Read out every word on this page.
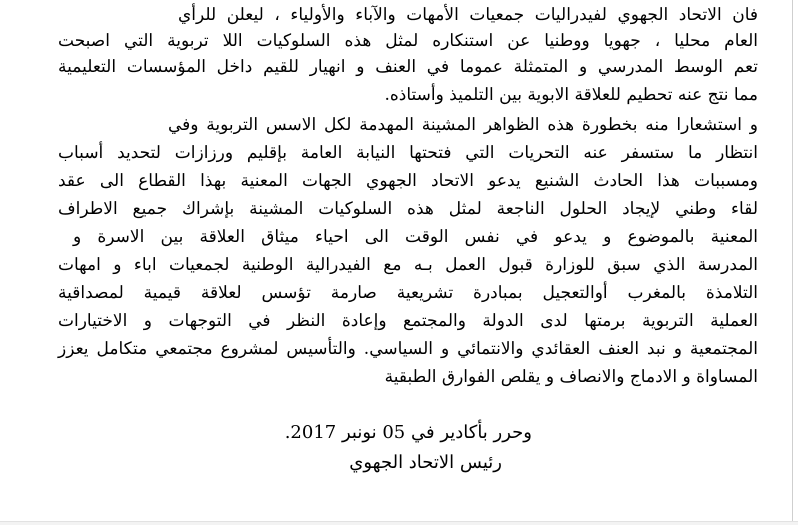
فان الاتحاد الجهوي لفيدراليات جمعيات الأمهات والآباء والأولياء ، ليعلن للرأي
العام محليا ، جهويا ووطنيا عن استنكاره لمثل هذه السلوكيات اللا تربوية التي اصبحت
تعم الوسط المدرسي و المتمثلة عموما في العنف و انهيار للقيم داخل المؤسسات التعليمية
مما نتج عنه تحطيم للعلاقة الابوية بين التلميذ وأستاذه.
و استشعارا منه بخطورة هذه الظواهر المشينة المهدمة لكل الاسس التربوية وفي
انتظار ما ستسفر عنه التحريات التي فتحتها النيابة العامة بإقليم ورزازات لتحديد أسباب
ومسببات هذا الحادث الشنيع يدعو الاتحاد الجهوي الجهات المعنية بهذا القطاع الى عقد
لقاء وطني لإيجاد الحلول الناجعة لمثل هذه السلوكيات المشينة بإشراك جميع الاطراف
المعنية بالموضوع و يدعو في نفس الوقت الى احياء ميثاق العلاقة بين الاسرة و
المدرسة الذي سبق للوزارة قبول العمل بـه مع الفيدرالية الوطنية لجمعيات اباء و امهات
التلامذة بالمغرب أوالتعجيل بمبادرة تشريعية صارمة تؤسس لعلاقة قيمية لمصداقية
العملية التربوية برمتها لدى الدولة والمجتمع وإعادة النظر في التوجهات و الاختيارات
المجتمعية و نبد العنف العقائدي والانتمائي و السياسي. والتأسيس لمشروع مجتمعي متكامل يعزز
المساواة و الادماج والانصاف و يقلص الفوارق الطبقية
وحرر بأكادير في 05 نونبر 2017.
رئيس الاتحاد الجهوي
